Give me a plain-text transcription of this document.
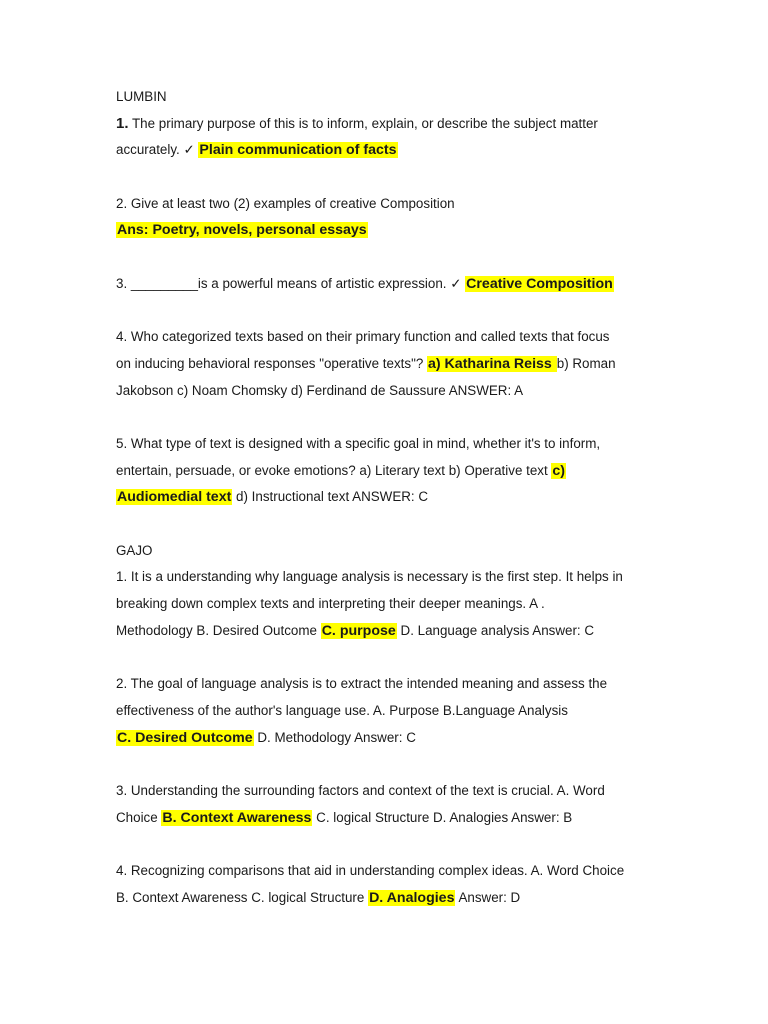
LUMBIN
1. The primary purpose of this is to inform, explain, or describe the subject matter
accurately. ✓ Plain communication of facts
2. Give at least two (2) examples of creative Composition
Ans: Poetry, novels, personal essays
3. _________is a powerful means of artistic expression. ✓ Creative Composition
4. Who categorized texts based on their primary function and called texts that focus
on inducing behavioral responses "operative texts"? a) Katharina Reiss b) Roman
Jakobson c) Noam Chomsky d) Ferdinand de Saussure ANSWER: A
5. What type of text is designed with a specific goal in mind, whether it's to inform,
entertain, persuade, or evoke emotions? a) Literary text b) Operative text c)
Audiomedial text d) Instructional text ANSWER: C
GAJO
1. It is a understanding why language analysis is necessary is the first step. It helps in
breaking down complex texts and interpreting their deeper meanings. A .
Methodology B. Desired Outcome C. purpose D. Language analysis Answer: C
2. The goal of language analysis is to extract the intended meaning and assess the
effectiveness of the author's language use. A. Purpose B.Language Analysis
C. Desired Outcome D. Methodology Answer: C
3. Understanding the surrounding factors and context of the text is crucial. A. Word
Choice B. Context Awareness C. logical Structure D. Analogies Answer: B
4. Recognizing comparisons that aid in understanding complex ideas. A. Word Choice
B. Context Awareness C. logical Structure D. Analogies Answer: D
